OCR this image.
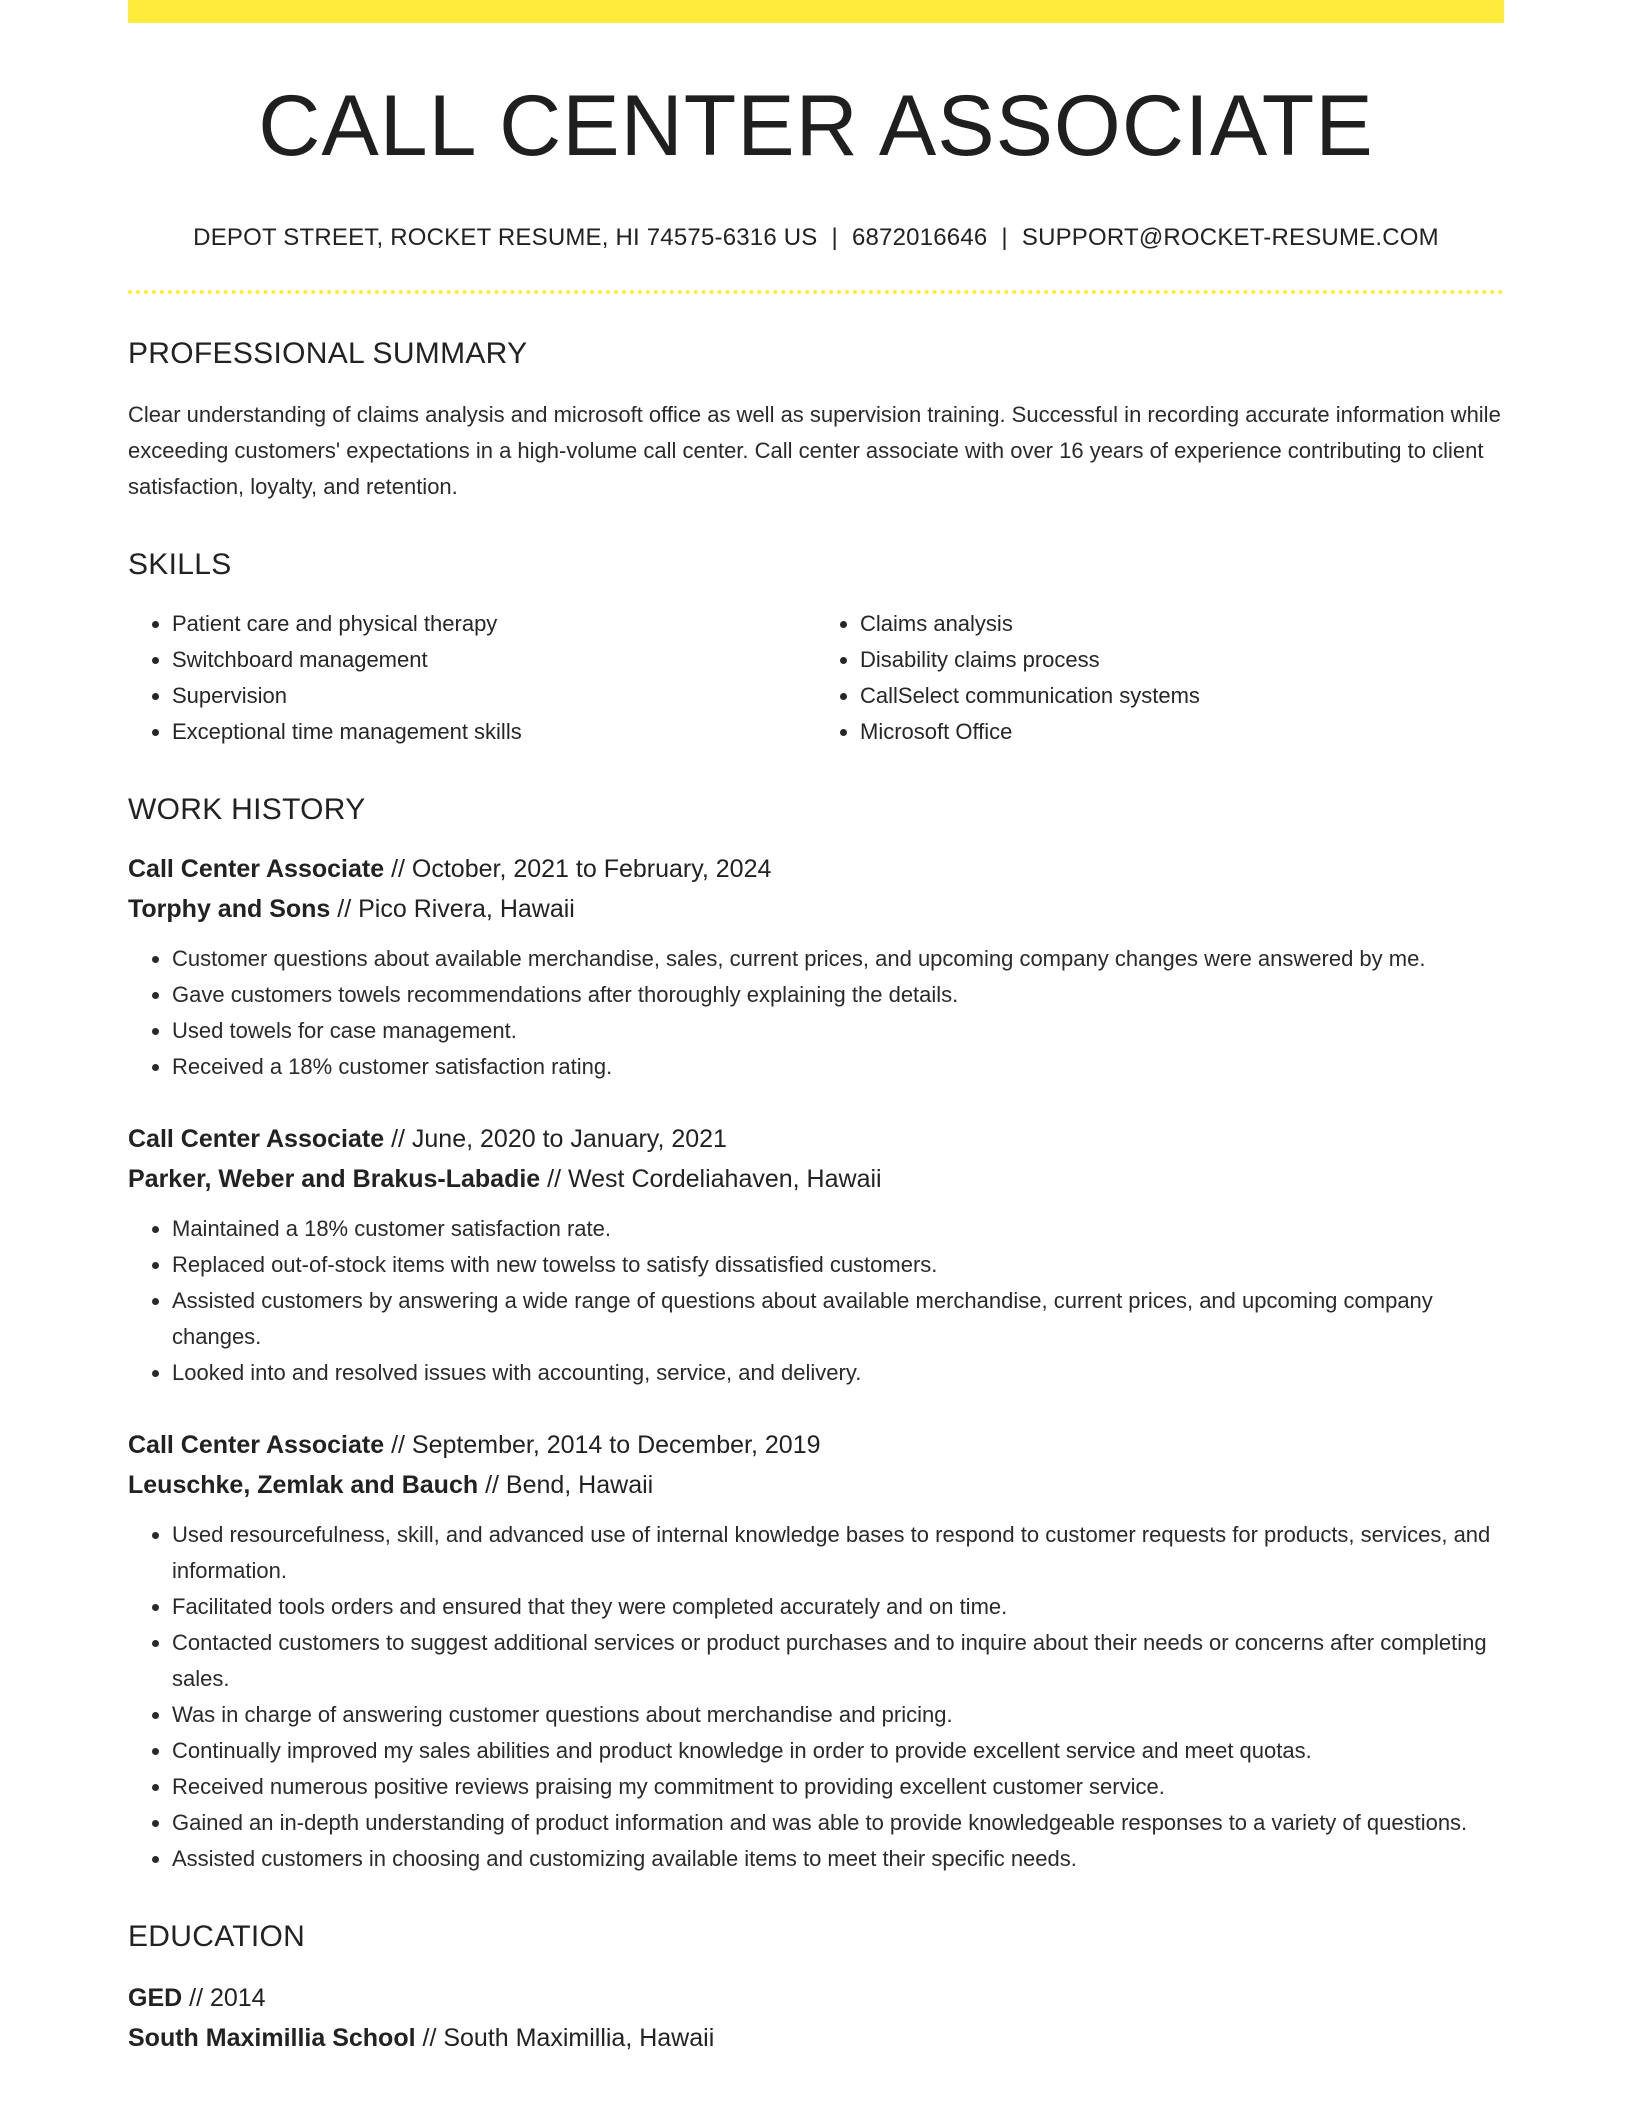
CALL CENTER ASSOCIATE
DEPOT STREET, ROCKET RESUME, HI 74575-6316 US | 6872016646 | SUPPORT@ROCKET-RESUME.COM
PROFESSIONAL SUMMARY
Clear understanding of claims analysis and microsoft office as well as supervision training. Successful in recording accurate information while exceeding customers' expectations in a high-volume call center. Call center associate with over 16 years of experience contributing to client satisfaction, loyalty, and retention.
SKILLS
• Patient care and physical therapy
• Switchboard management
• Supervision
• Exceptional time management skills
• Claims analysis
• Disability claims process
• CallSelect communication systems
• Microsoft Office
WORK HISTORY
Call Center Associate // October, 2021 to February, 2024
Torphy and Sons // Pico Rivera, Hawaii
• Customer questions about available merchandise, sales, current prices, and upcoming company changes were answered by me.
• Gave customers towels recommendations after thoroughly explaining the details.
• Used towels for case management.
• Received a 18% customer satisfaction rating.
Call Center Associate // June, 2020 to January, 2021
Parker, Weber and Brakus-Labadie // West Cordeliahaven, Hawaii
• Maintained a 18% customer satisfaction rate.
• Replaced out-of-stock items with new towelss to satisfy dissatisfied customers.
• Assisted customers by answering a wide range of questions about available merchandise, current prices, and upcoming company changes.
• Looked into and resolved issues with accounting, service, and delivery.
Call Center Associate // September, 2014 to December, 2019
Leuschke, Zemlak and Bauch // Bend, Hawaii
• Used resourcefulness, skill, and advanced use of internal knowledge bases to respond to customer requests for products, services, and information.
• Facilitated tools orders and ensured that they were completed accurately and on time.
• Contacted customers to suggest additional services or product purchases and to inquire about their needs or concerns after completing sales.
• Was in charge of answering customer questions about merchandise and pricing.
• Continually improved my sales abilities and product knowledge in order to provide excellent service and meet quotas.
• Received numerous positive reviews praising my commitment to providing excellent customer service.
• Gained an in-depth understanding of product information and was able to provide knowledgeable responses to a variety of questions.
• Assisted customers in choosing and customizing available items to meet their specific needs.
EDUCATION
GED // 2014
South Maximillia School // South Maximillia, Hawaii
